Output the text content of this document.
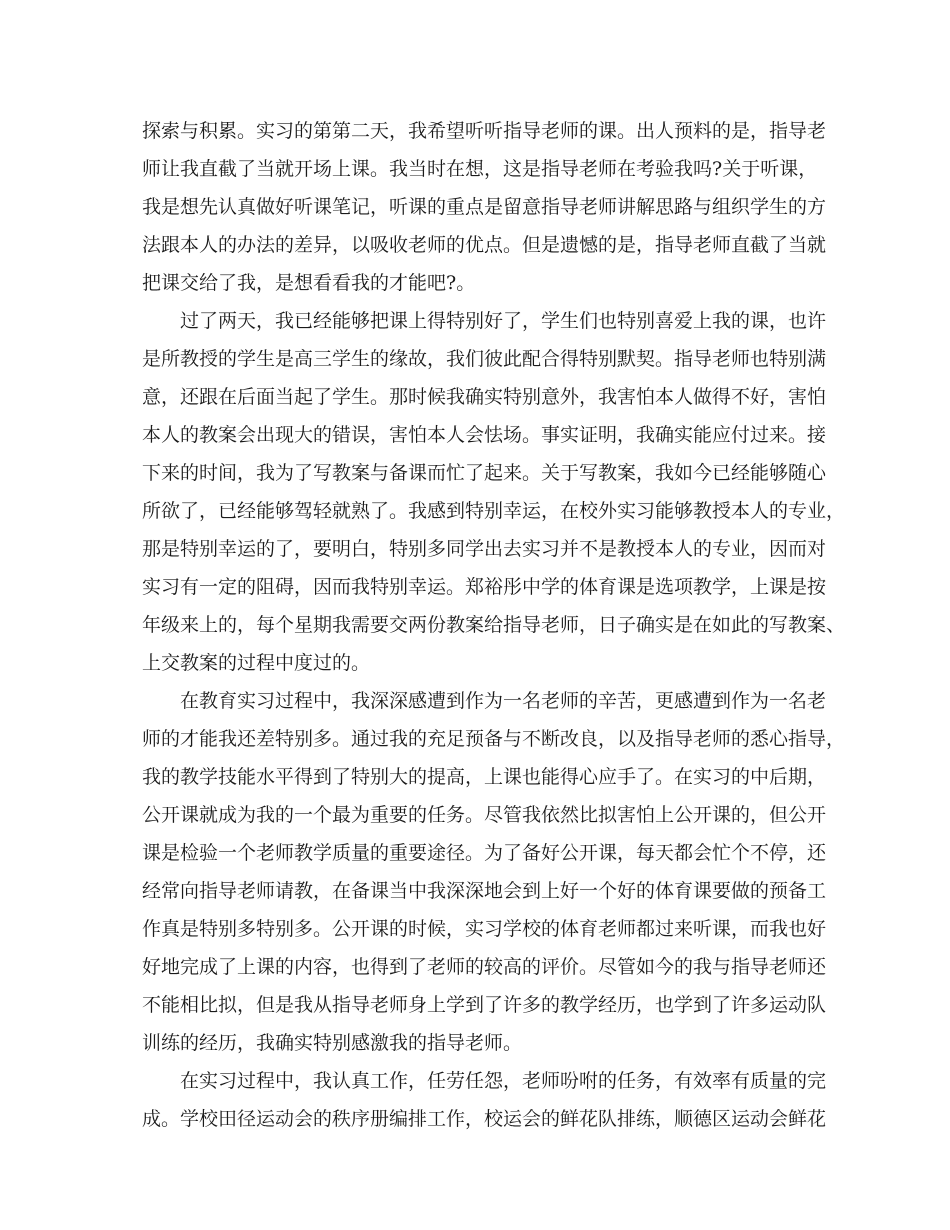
探索与积累。实习的第第二天，我希望听听指导老师的课。出人预料的是，指导老
师让我直截了当就开场上课。我当时在想，这是指导老师在考验我吗?关于听课，
我是想先认真做好听课笔记，听课的重点是留意指导老师讲解思路与组织学生的方
法跟本人的办法的差异，以吸收老师的优点。但是遗憾的是，指导老师直截了当就
把课交给了我，是想看看我的才能吧?。
过了两天，我已经能够把课上得特别好了，学生们也特别喜爱上我的课，也许
是所教授的学生是高三学生的缘故，我们彼此配合得特别默契。指导老师也特别满
意，还跟在后面当起了学生。那时候我确实特别意外，我害怕本人做得不好，害怕
本人的教案会出现大的错误，害怕本人会怯场。事实证明，我确实能应付过来。接
下来的时间，我为了写教案与备课而忙了起来。关于写教案，我如今已经能够随心
所欲了，已经能够驾轻就熟了。我感到特别幸运，在校外实习能够教授本人的专业，
那是特别幸运的了，要明白，特别多同学出去实习并不是教授本人的专业，因而对
实习有一定的阻碍，因而我特别幸运。郑裕彤中学的体育课是选项教学，上课是按
年级来上的，每个星期我需要交两份教案给指导老师，日子确实是在如此的写教案、
上交教案的过程中度过的。
在教育实习过程中，我深深感遭到作为一名老师的辛苦，更感遭到作为一名老
师的才能我还差特别多。通过我的充足预备与不断改良，以及指导老师的悉心指导，
我的教学技能水平得到了特别大的提高，上课也能得心应手了。在实习的中后期，
公开课就成为我的一个最为重要的任务。尽管我依然比拟害怕上公开课的，但公开
课是检验一个老师教学质量的重要途径。为了备好公开课，每天都会忙个不停，还
经常向指导老师请教，在备课当中我深深地会到上好一个好的体育课要做的预备工
作真是特别多特别多。公开课的时候，实习学校的体育老师都过来听课，而我也好
好地完成了上课的内容，也得到了老师的较高的评价。尽管如今的我与指导老师还
不能相比拟，但是我从指导老师身上学到了许多的教学经历，也学到了许多运动队
训练的经历，我确实特别感激我的指导老师。
在实习过程中，我认真工作，任劳任怨，老师吩咐的任务，有效率有质量的完
成。学校田径运动会的秩序册编排工作，校运会的鲜花队排练，顺德区运动会鲜花
